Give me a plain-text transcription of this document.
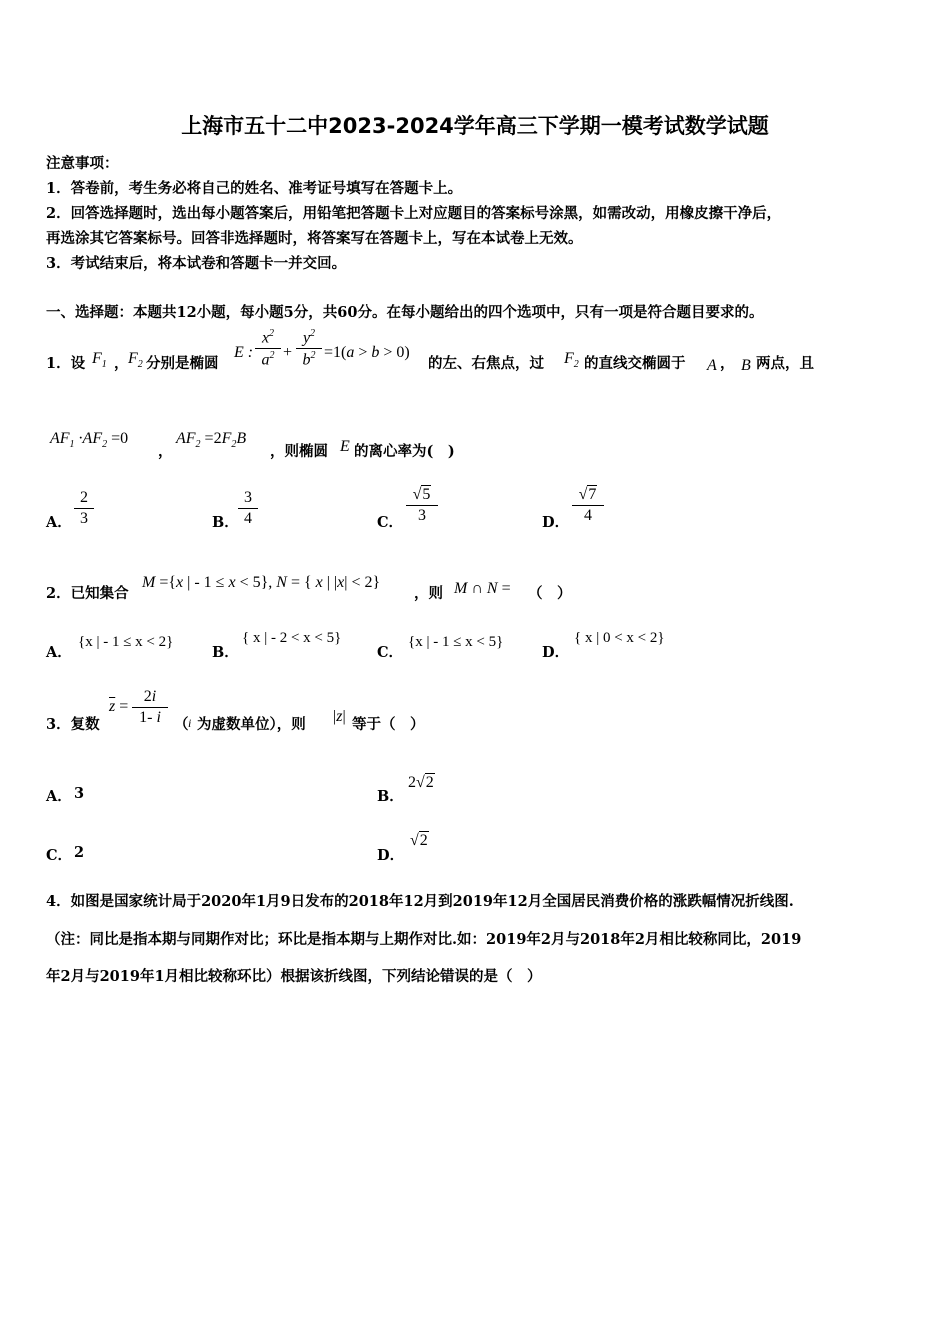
上海市五十二中2023-2024学年高三下学期一模考试数学试题
注意事项：
1．答卷前，考生务必将自己的姓名、准考证号填写在答题卡上。
2．回答选择题时，选出每小题答案后，用铅笔把答题卡上对应题目的答案标号涂黑，如需改动，用橡皮擦干净后，
再选涂其它答案标号。回答非选择题时，将答案写在答题卡上，写在本试卷上无效。
3．考试结束后，将本试卷和答题卡一并交回。
一、选择题：本题共12小题，每小题5分，共60分。在每小题给出的四个选项中，只有一项是符合题目要求的。
1．设 $F_1$ ， $F_2$ 分别是椭圆
E : $\frac{x^2}{a^2} + \frac{y^2}{b^2} =1(a > b > 0)$
的左、右焦点，过 $F_2$ 的直线交椭圆于 A ， B 两点，且
$AF_1 \cdot AF_2 =0$
，
$AF_2 =2F_2B$
，则椭圆 E 的离心率为(　)
A． $\frac{2}{3}$	B． $\frac{3}{4}$	C． $\frac{√5}{3}$	D． $\frac{√7}{4}$
2．已知集合
M ={x | - 1 ≤ x < 5}, N = { x | |x| < 2}
，则 M ∩ N = （　）
A．
{x | - 1 ≤ x < 2}
B．
{ x | - 2 < x < 5}
C．
{x | - 1 ≤ x < 5}
D．
{ x | 0 < x < 2}
3．复数
$\overline{z} = \frac{2i}{1- i}$ （ i 为虚数单位），则 |z| 等于（　）
A． 3	B．
2√2
C． 2	D．
√2
4．如图是国家统计局于2020年1月9日发布的2018年12月到2019年12月全国居民消费价格的涨跌幅情况折线图.
（注：同比是指本期与同期作对比；环比是指本期与上期作对比.如：2019年2月与2018年2月相比较称同比，2019
年2月与2019年1月相比较称环比）根据该折线图，下列结论错误的是（　）
